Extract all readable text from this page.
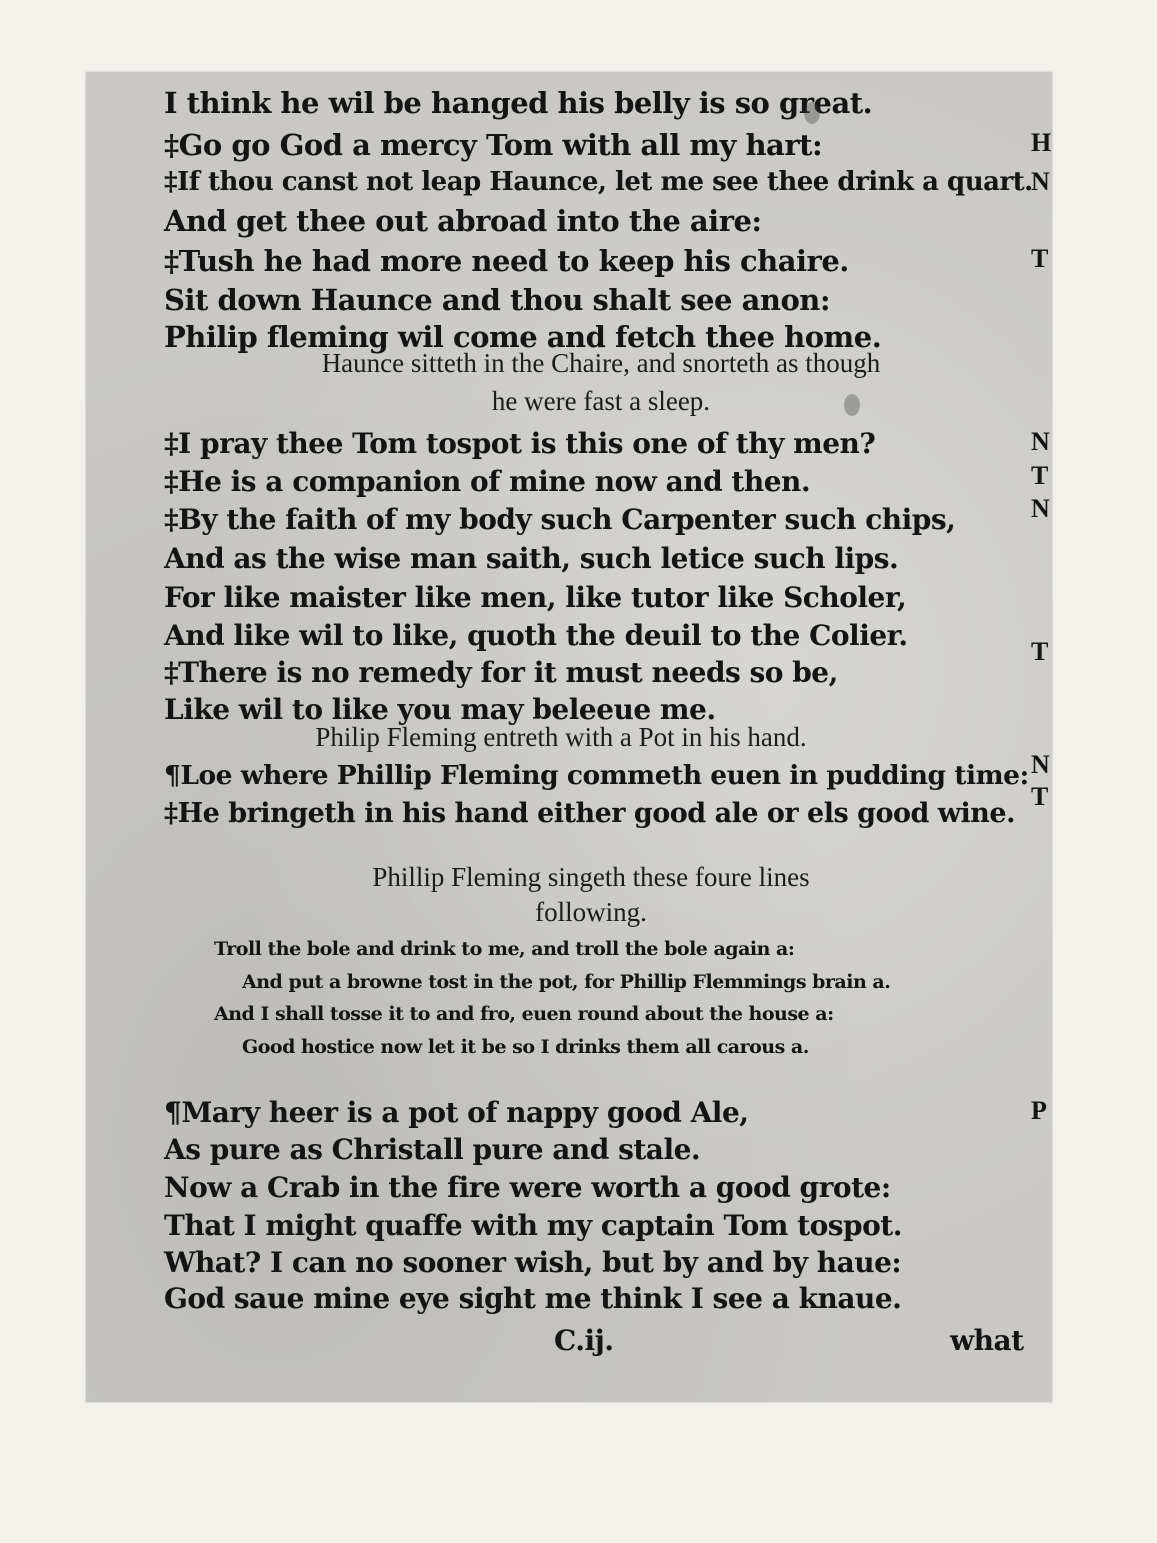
I think he wil be hanged his belly is so great.
‡Go go God a mercy Tom with all my hart:
‡If thou canst not leap Haunce, let me see thee drink a quart.
And get thee out abroad into the aire:
‡Tush he had more need to keep his chaire.
Sit down Haunce and thou shalt see anon:
Philip fleming wil come and fetch thee home.
Haunce sitteth in the Chaire, and snorteth as though
he were fast a sleep.
‡I pray thee Tom tospot is this one of thy men?
‡He is a companion of mine now and then.
‡By the faith of my body such Carpenter such chips,
And as the wise man saith, such letice such lips.
For like maister like men, like tutor like Scholer,
And like wil to like, quoth the deuil to the Colier.
‡There is no remedy for it must needs so be,
Like wil to like you may beleeue me.
Philip Fleming entreth with a Pot in his hand.
¶Loe where Phillip Fleming commeth euen in pudding time:
‡He bringeth in his hand either good ale or els good wine.
Phillip Fleming singeth these foure lines
following.
Troll the bole and drink to me, and troll the bole again a:
And put a browne tost in the pot, for Phillip Flemmings brain a.
And I shall tosse it to and fro, euen round about the house a:
Good hostice now let it be so I drinks them all carous a.
¶Mary heer is a pot of nappy good Ale,
As pure as Christall pure and stale.
Now a Crab in the fire were worth a good grote:
That I might quaffe with my captain Tom tospot.
What? I can no sooner wish, but by and by haue:
God saue mine eye sight me think I see a knaue.
C.ij.	what
H
N
T
N
T
N
T
N
T
P
